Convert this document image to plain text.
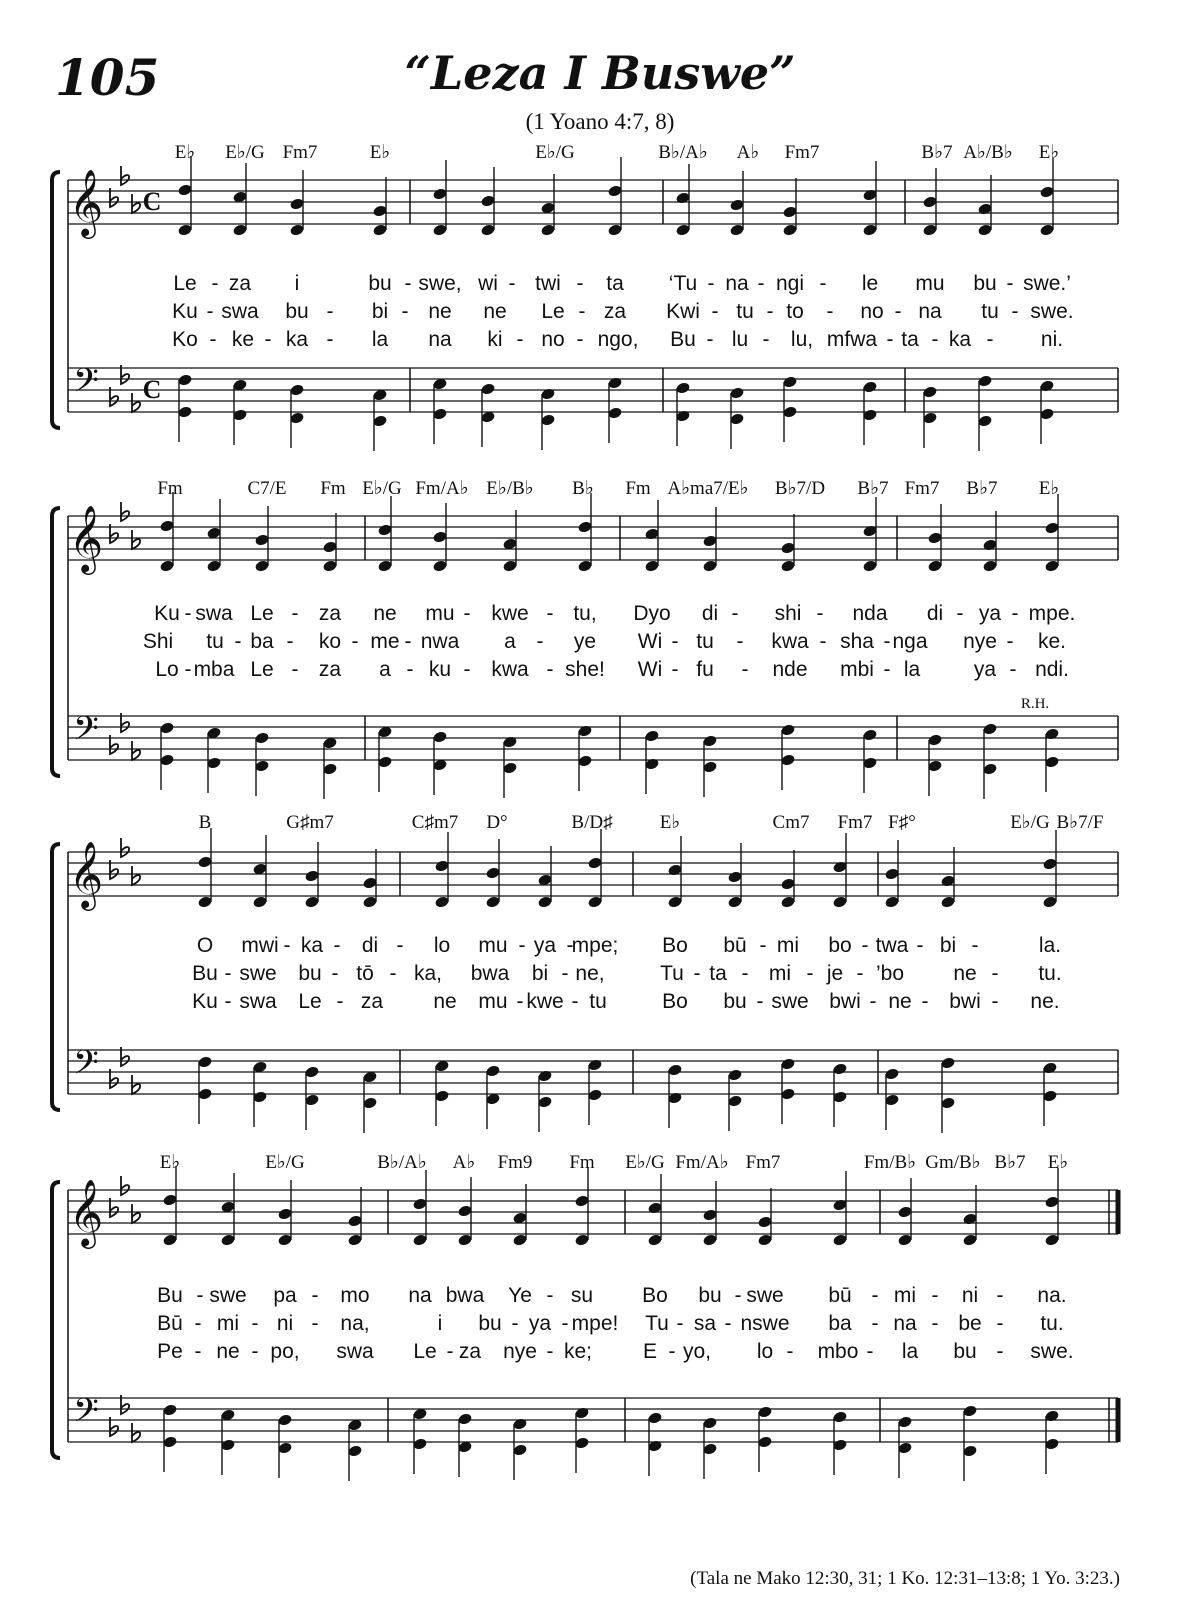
105	“Leza I Buswe”
(1 Yoano 4:7, 8)
𝄞
𝄢
C
C
E♭ E♭/G Fm7	E♭	E♭/G	B♭/A♭ A♭ Fm7	B♭7 A♭/B♭ E♭
Le - za i	bu - swe, wi - twi - ta ‘Tu - na - ngi - le mu bu - swe.’
Ku - swa bu - bi - ne ne Le - za Kwi - tu - to - no - na tu - swe.
Ko - ke - ka - la na ki - no - ngo, Bu - lu - lu, mfwa - ta - ka - ni.
𝄞
𝄢
Fm	C7/E Fm E♭/G Fm/A♭ E♭/B♭ B♭ Fm A♭ma7/E♭ B♭7/D B♭7 Fm7 B♭7 E♭
Ku - swa Le - za ne mu - kwe - tu, Dyo di - shi - nda di - ya - mpe.
Shi tu - ba - ko - me - nwa a - ye Wi - tu - kwa - sha - nga nye - ke.
Lo - mba Le - za a - ku - kwa - she! Wi - fu - nde mbi - la	ya - ndi.
R.H.
𝄞
𝄢
B	G♯m7	C♯m7 D°	B/D♯ E♭	Cm7 Fm7 F♯°	E♭/G B♭7/F
O mwi - ka - di - lo mu - ya -
mpe; Bo bū - mi bo - twa - bi -	la.
Bu - swe bu - tō - ka, bwa bi - ne,	Tu - ta - mi - je - ’bo ne - tu.
Ku - swa Le - za ne mu - kwe - tu	Bo bu - swe bwi - ne - bwi - ne.
𝄞
𝄢
E♭	E♭/G	B♭/A♭ A♭ Fm9 Fm E♭/G Fm/A♭ Fm7	Fm/B♭ Gm/B♭ B♭7 E♭
Bu - swe pa - mo na bwa Ye - su Bo bu - swe bū - mi - ni - na.
Bū - mi - ni - na,	i bu - ya - mpe! Tu - sa - nswe ba - na - be - tu.
Pe - ne - po, swa Le - za nye - ke; E - yo, lo - mbo - la bu - swe.
(Tala ne Mako 12:30, 31; 1 Ko. 12:31–13:8; 1 Yo. 3:23.)
